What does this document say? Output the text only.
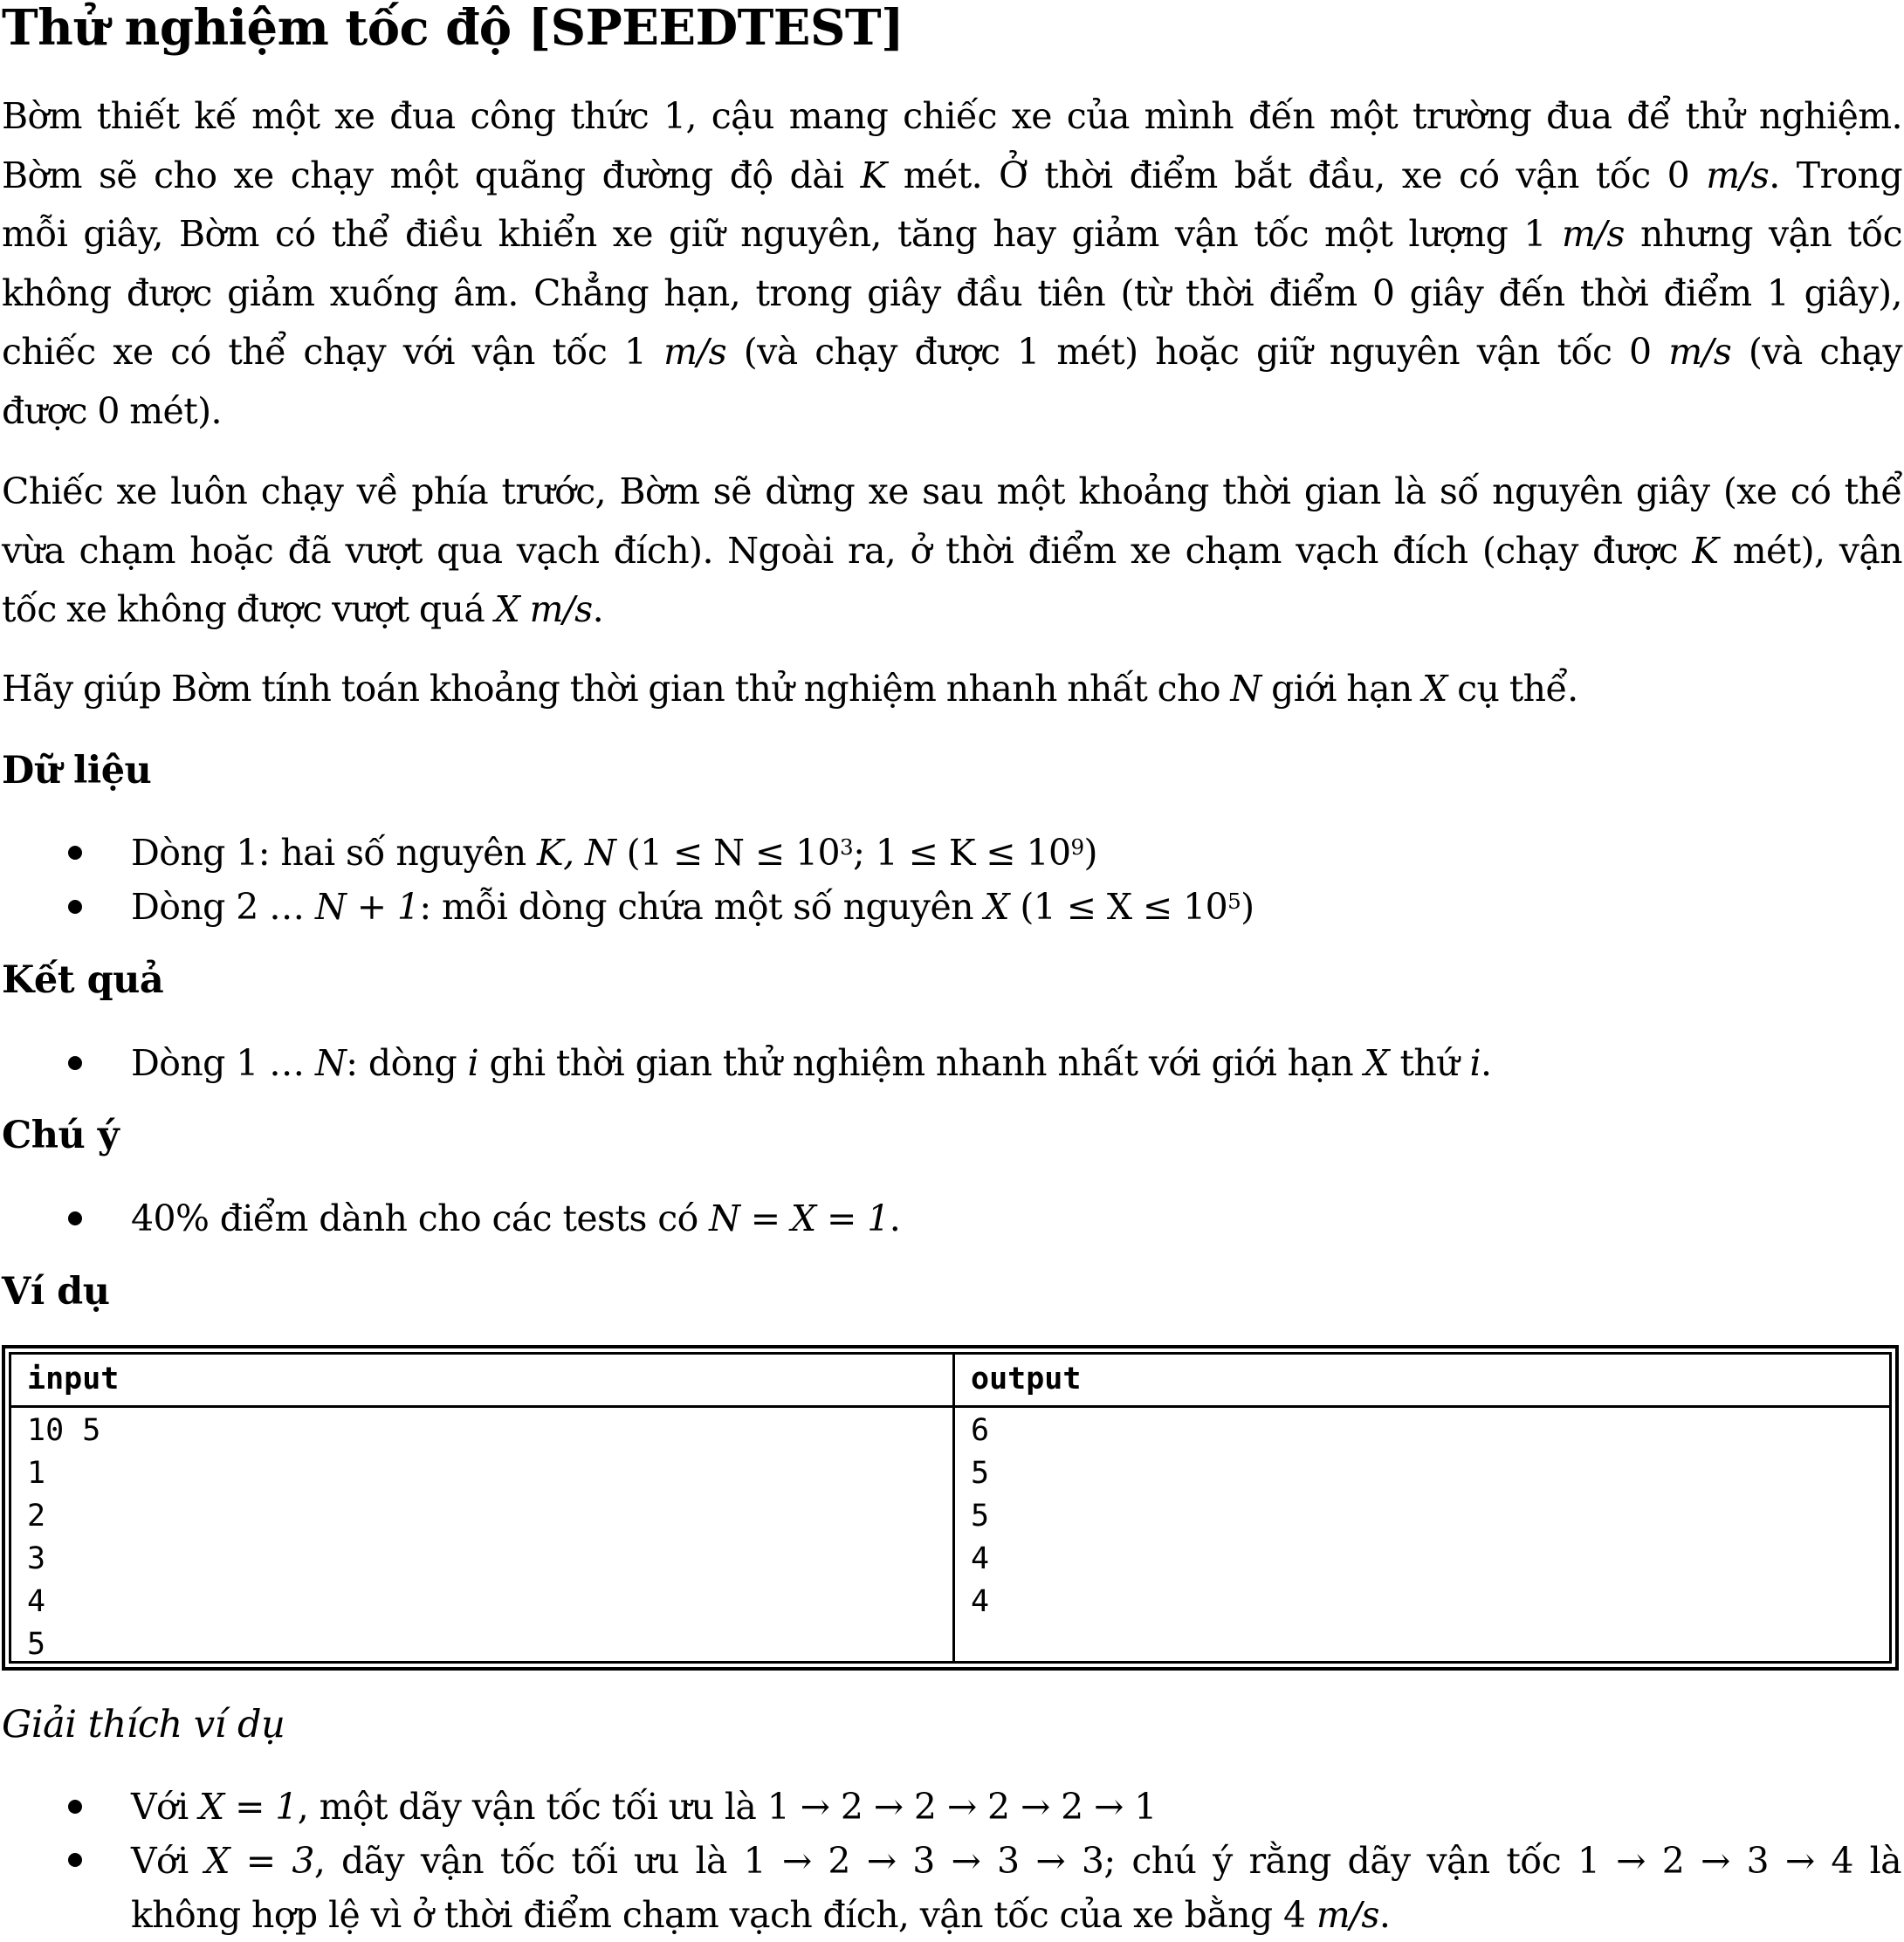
Thử nghiệm tốc độ [SPEEDTEST]
Bờm thiết kế một xe đua công thức 1, cậu mang chiếc xe của mình đến một trường đua để thử nghiệm.
Bờm sẽ cho xe chạy một quãng đường độ dài K mét. Ở thời điểm bắt đầu, xe có vận tốc 0 m/s. Trong
mỗi giây, Bờm có thể điều khiển xe giữ nguyên, tăng hay giảm vận tốc một lượng 1 m/s nhưng vận tốc
không được giảm xuống âm. Chẳng hạn, trong giây đầu tiên (từ thời điểm 0 giây đến thời điểm 1 giây),
chiếc xe có thể chạy với vận tốc 1 m/s (và chạy được 1 mét) hoặc giữ nguyên vận tốc 0 m/s (và chạy
được 0 mét).
Chiếc xe luôn chạy về phía trước, Bờm sẽ dừng xe sau một khoảng thời gian là số nguyên giây (xe có thể
vừa chạm hoặc đã vượt qua vạch đích). Ngoài ra, ở thời điểm xe chạm vạch đích (chạy được K mét), vận
tốc xe không được vượt quá X m/s.
Hãy giúp Bờm tính toán khoảng thời gian thử nghiệm nhanh nhất cho N giới hạn X cụ thể.
Dữ liệu
Dòng 1: hai số nguyên K, N ($1 \le N \le 10^3$; $1 \le K \le 10^9$)
Dòng 2 … N + 1: mỗi dòng chứa một số nguyên X $(1 \le X \le 10^5)$
Kết quả
Dòng 1 … N: dòng i ghi thời gian thử nghiệm nhanh nhất với giới hạn X thứ i.
Chú ý
40% điểm dành cho các tests có N = X = 1.
Ví dụ
input	output
10 5
1
2
3
4
5
6
5
5
4
4
Giải thích ví dụ
Với X = 1, một dãy vận tốc tối ưu là 1 → 2 → 2 → 2 → 2 → 1
Với X = 3, dãy vận tốc tối ưu là 1 → 2 → 3 → 3 → 3; chú ý rằng dãy vận tốc 1 → 2 → 3 → 4 là
không hợp lệ vì ở thời điểm chạm vạch đích, vận tốc của xe bằng 4 m/s.
